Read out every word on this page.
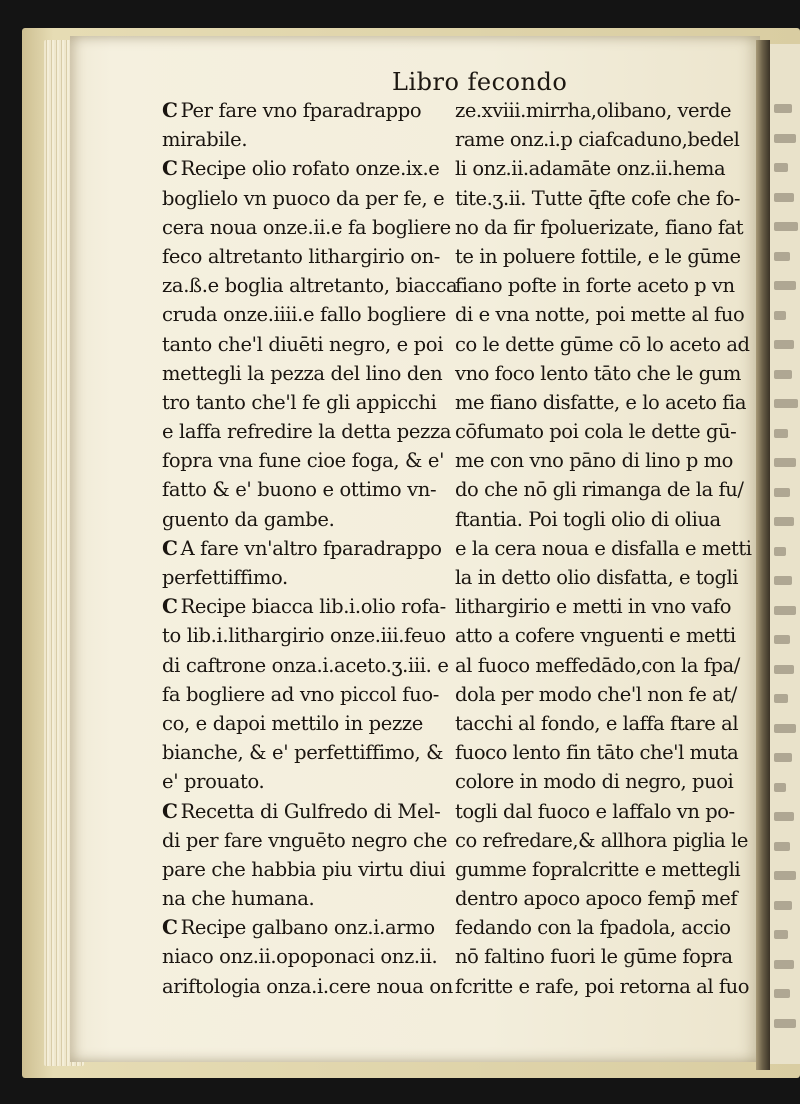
Libro fecondo
C Per fare vno fparadrappo
mirabile.
C Recipe olio rofato onze.ix.e
boglielo vn puoco da per fe, e
cera noua onze.ii.e fa bogliere
feco altretanto lithargirio on-
za.ß.e boglia altretanto, biacca
cruda onze.iiii.e fallo bogliere
tanto che'l diuēti negro, e poi
mettegli la pezza del lino den
tro tanto che'l fe gli appicchi
e laffa refredire la detta pezza
fopra vna fune cioe foga, & e'
fatto & e' buono e ottimo vn-
guento da gambe.
C A fare vn'altro fparadrappo
perfettiffimo.
C Recipe biacca lib.i.olio rofa-
to lib.i.lithargirio onze.iii.feuo
di caftrone onza.i.aceto.ʒ.iii. e
fa bogliere ad vno piccol fuo-
co, e dapoi mettilo in pezze
bianche, & e' perfettiffimo, &
e' prouato.
C Recetta di Gulfredo di Mel-
di per fare vnguēto negro che
pare che habbia piu virtu diui
na che humana.
C Recipe galbano onz.i.armo
niaco onz.ii.opoponaci onz.ii.
ariftologia onza.i.cere noua on
ze.xviii.mirrha,olibano, verde
rame onz.i.p ciafcaduno,bedel
li onz.ii.adamāte onz.ii.hema
tite.ʒ.ii. Tutte q̄fte cofe che fo-
no da fir fpoluerizate, fiano fat
te in poluere fottile, e le gūme
fiano pofte in forte aceto p vn
di e vna notte, poi mette al fuo
co le dette gūme cō lo aceto ad
vno foco lento tāto che le gum
me fiano disfatte, e lo aceto fia
cōfumato poi cola le dette gū-
me con vno pāno di lino p mo
do che nō gli rimanga de la fu/
ftantia. Poi togli olio di oliua
e la cera noua e disfalla e metti
la in detto olio disfatta, e togli
lithargirio e metti in vno vafo
atto a cofere vnguenti e metti
al fuoco meffedādo,con la fpa/
dola per modo che'l non fe at/
tacchi al fondo, e laffa ftare al
fuoco lento fin tāto che'l muta
colore in modo di negro, puoi
togli dal fuoco e laffalo vn po-
co refredare,& allhora piglia le
gumme fopralcritte e mettegli
dentro apoco apoco femp̄ mef
fedando con la fpadola, accio
nō faltino fuori le gūme fopra
fcritte e rafe, poi retorna al fuo
